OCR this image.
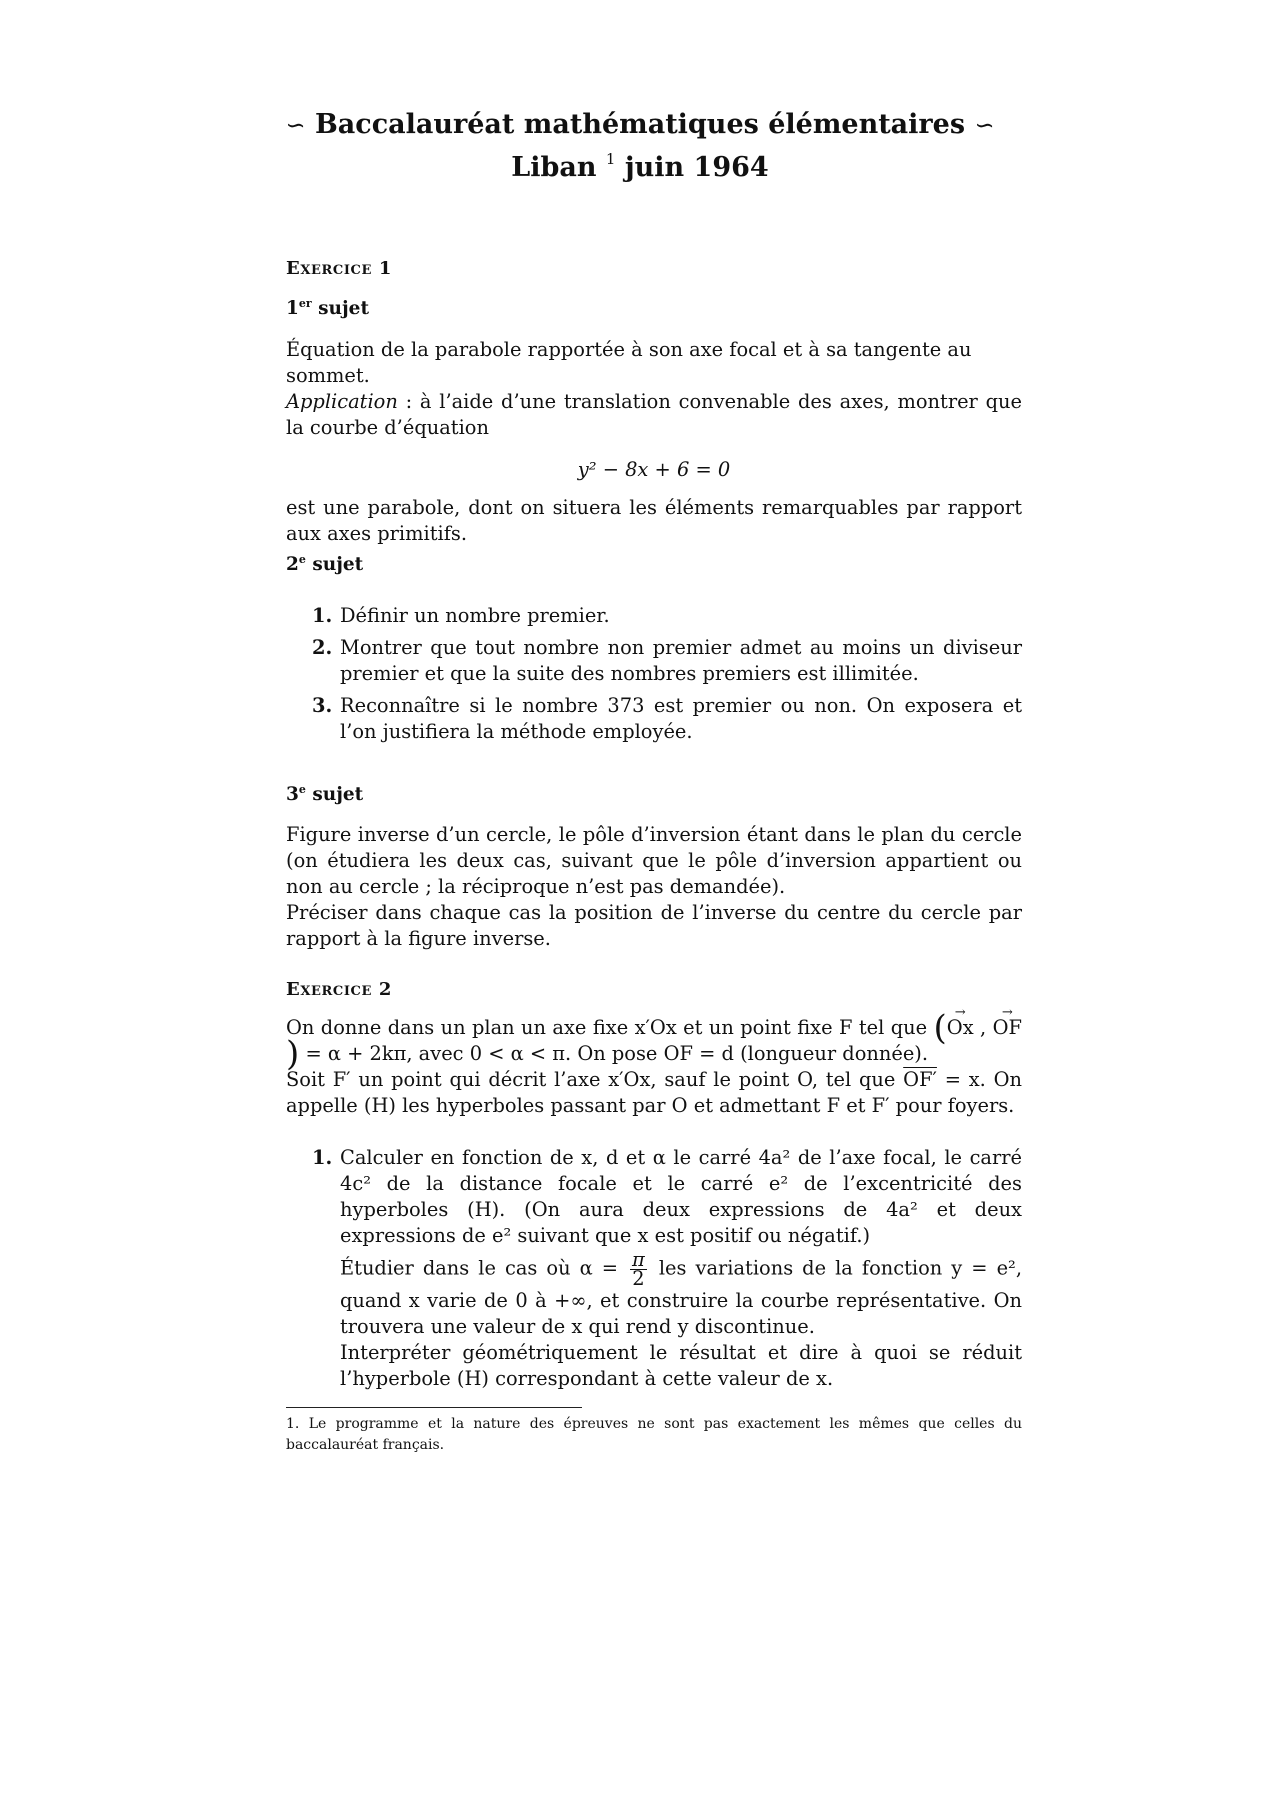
∽ Baccalauréat mathématiques élémentaires ∽
Liban $^1$ juin 1964
Exercice 1
1er sujet
Équation de la parabole rapportée à son axe focal et à sa tangente au sommet.
Application : à l’aide d’une translation convenable des axes, montrer que la courbe d’équation
y² − 8x + 6 = 0
est une parabole, dont on situera les éléments remarquables par rapport aux axes primitifs.
2e sujet
1. Définir un nombre premier.
2. Montrer que tout nombre non premier admet au moins un diviseur premier et que la suite des nombres premiers est illimitée.
3. Reconnaître si le nombre 373 est premier ou non. On exposera et l’on justifiera la méthode employée.
3e sujet
Figure inverse d’un cercle, le pôle d’inversion étant dans le plan du cercle (on étudiera les deux cas, suivant que le pôle d’inversion appartient ou non au cercle ; la réciproque n’est pas demandée).
Préciser dans chaque cas la position de l’inverse du centre du cercle par rapport à la figure inverse.
Exercice 2
On donne dans un plan un axe fixe x′Ox et un point fixe F tel que (→ Ox , → OF) = α + 2kπ, avec 0 < α < π. On pose OF = d (longueur donnée).
Soit F′ un point qui décrit l’axe x′Ox, sauf le point O, tel que OF′ = x. On appelle (H) les hyperboles passant par O et admettant F et F′ pour foyers.
1. Calculer en fonction de x, d et α le carré 4a² de l’axe focal, le carré 4c² de la distance focale et le carré e² de l’excentricité des hyperboles (H). (On aura deux expressions de 4a² et deux expressions de e² suivant que x est positif ou négatif.)
Étudier dans le cas où $\alpha = \frac{\pi}{2}$ les variations de la fonction y = e², quand x varie de 0 à +∞, et construire la courbe représentative. On trouvera une valeur de x qui rend y discontinue.
Interpréter géométriquement le résultat et dire à quoi se réduit l’hyperbole (H) correspondant à cette valeur de x.
1. Le programme et la nature des épreuves ne sont pas exactement les mêmes que celles du baccalauréat français.
